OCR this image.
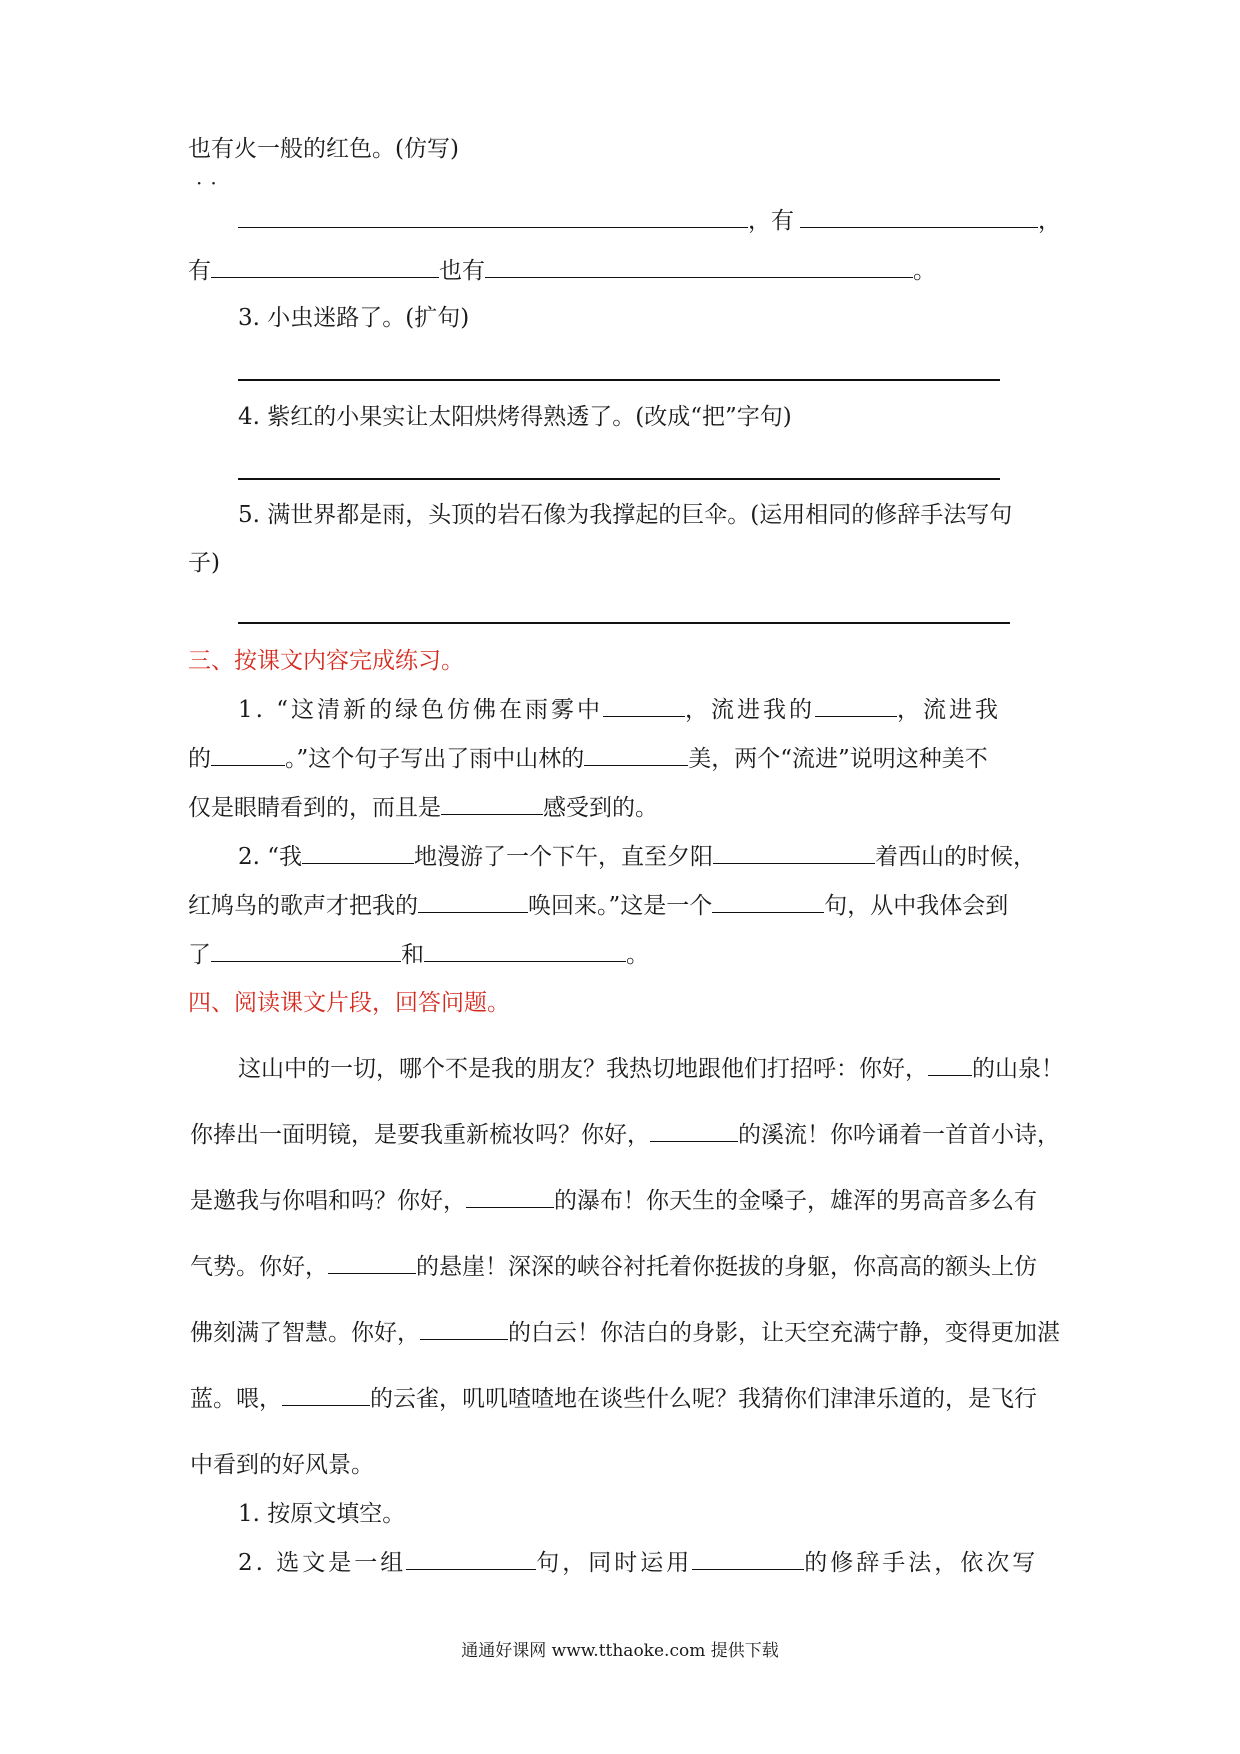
也有火一般的红色。(仿写)
··
，有	，
有	也有	。
3. 小虫迷路了。(扩句)
4. 紫红的小果实让太阳烘烤得熟透了。(改成“把”字句)
5. 满世界都是雨，头顶的岩石像为我撑起的巨伞。(运用相同的修辞手法写句
子)
三、按课文内容完成练习。
1. “这清新的绿色仿佛在雨雾中	，流进我的	，流进我
的	。”这个句子写出了雨中山林的	美，两个“流进”说明这种美不
仅是眼睛看到的，而且是	感受到的。
2. “我	地漫游了一个下午，直至夕阳	着西山的时候，
红鸠鸟的歌声才把我的	唤回来。”这是一个	句，从中我体会到
了	和	。
四、阅读课文片段，回答问题。
这山中的一切，哪个不是我的朋友？我热切地跟他们打招呼：你好， 的山泉！
你捧出一面明镜，是要我重新梳妆吗？你好，	的溪流！你吟诵着一首首小诗，
是邀我与你唱和吗？你好，	的瀑布！你天生的金嗓子，雄浑的男高音多么有
气势。你好，	的悬崖！深深的峡谷衬托着你挺拔的身躯，你高高的额头上仿
佛刻满了智慧。你好，	的白云！你洁白的身影，让天空充满宁静，变得更加湛
蓝。喂，	的云雀，叽叽喳喳地在谈些什么呢？我猜你们津津乐道的，是飞行
中看到的好风景。
1. 按原文填空。
2. 选文是一组	句，同时运用	的修辞手法，依次写
通通好课网 www.tthaoke.com 提供下载
